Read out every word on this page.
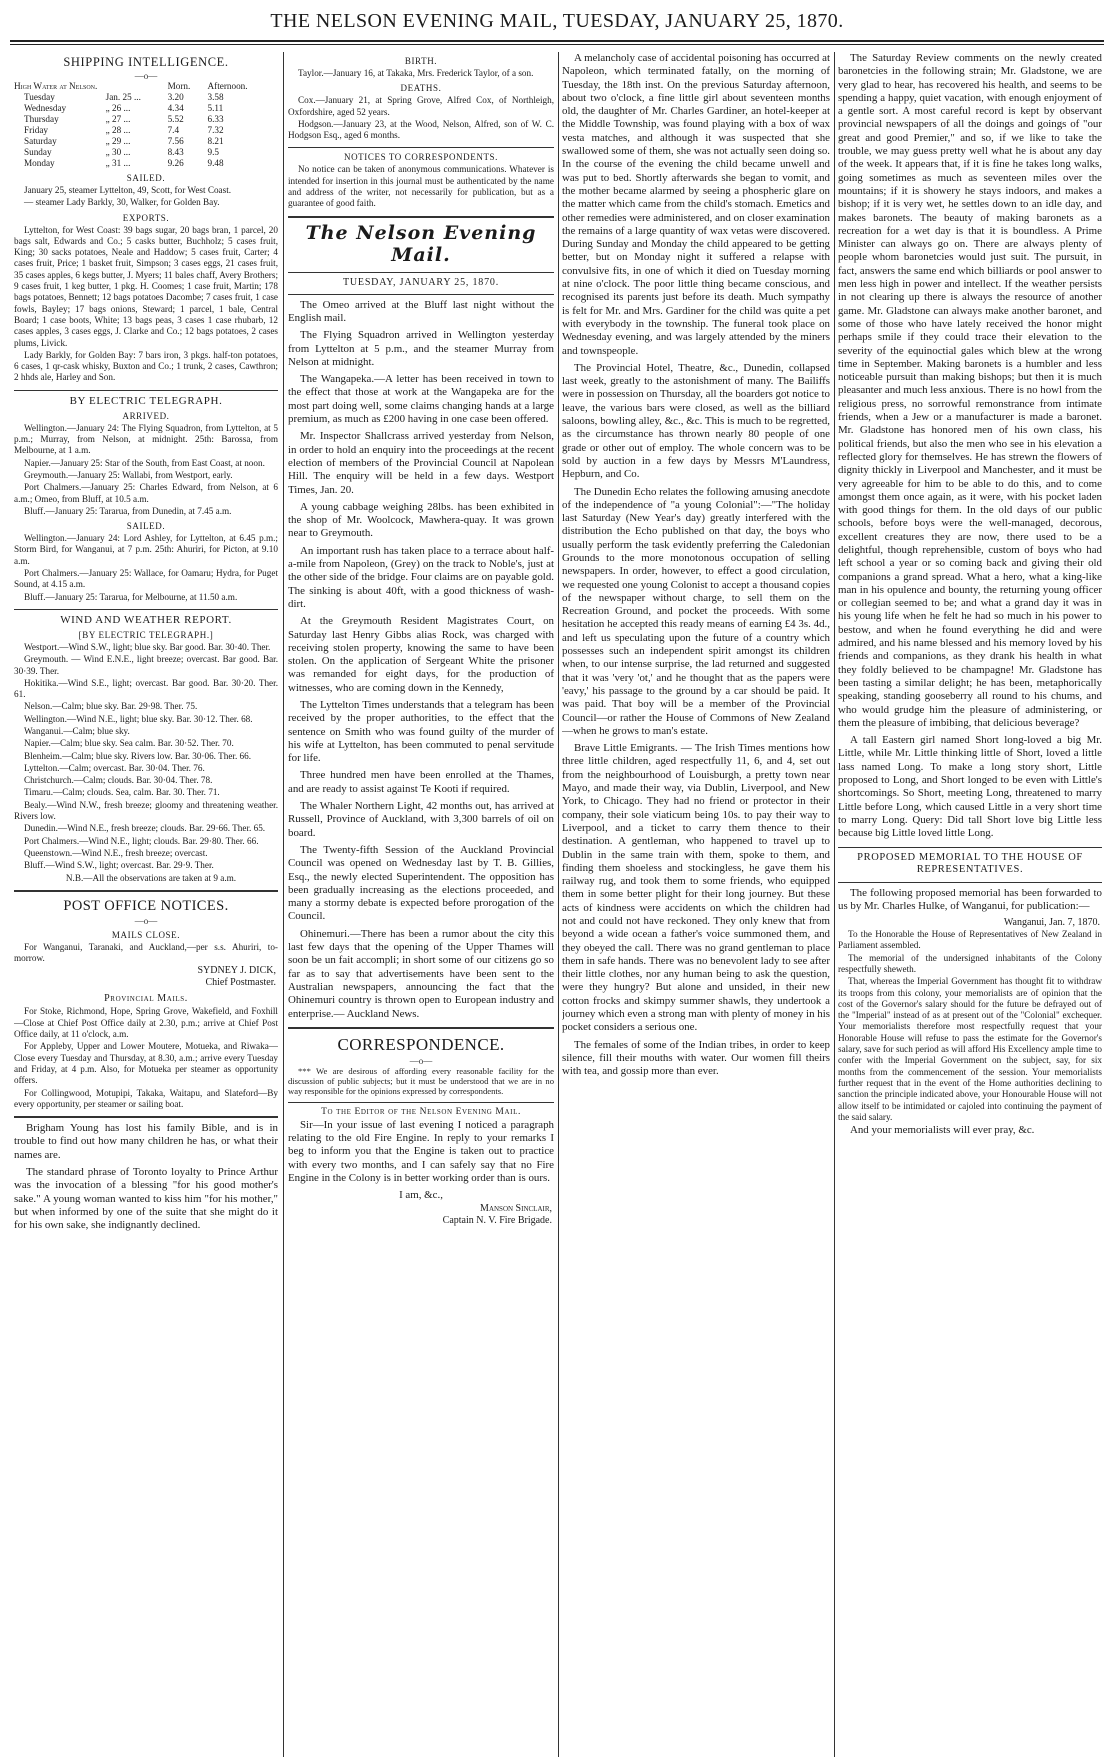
THE NELSON EVENING MAIL, TUESDAY, JANUARY 25, 1870.
SHIPPING INTELLIGENCE.
—o—
High Water at Nelson.		Morn.	Afternoon.
Tuesday	Jan. 25 ...	3.20	3.58
Wednesday	„ 26 ...	4.34	5.11
Thursday	„ 27 ...	5.52	6.33
Friday	„ 28 ...	7.4	7.32
Saturday	„ 29 ...	7.56	8.21
Sunday	„ 30 ...	8.43	9.5
Monday	„ 31 ...	9.26	9.48
SAILED.

January 25, steamer Lyttelton, 49, Scott, for West Coast.

— steamer Lady Barkly, 30, Walker, for Golden Bay.

EXPORTS.

Lyttelton, for West Coast: 39 bags sugar, 20 bags bran, 1 parcel, 20 bags salt, Edwards and Co.; 5 casks butter, Buchholz; 5 cases fruit, King; 30 sacks potatoes, Neale and Haddow; 5 cases fruit, Carter; 4 cases fruit, Price; 1 basket fruit, Simpson; 3 cases eggs, 21 cases fruit, 35 cases apples, 6 kegs butter, J. Myers; 11 bales chaff, Avery Brothers; 9 cases fruit, 1 keg butter, 1 pkg. H. Coomes; 1 case fruit, Martin; 178 bags potatoes, Bennett; 12 bags potatoes Dacombe; 7 cases fruit, 1 case fowls, Bayley; 17 bags onions, Steward; 1 parcel, 1 bale, Central Board; 1 case boots, White; 13 bags peas, 3 cases 1 case rhubarb, 12 cases apples, 3 cases eggs, J. Clarke and Co.; 12 bags potatoes, 2 cases plums, Livick.

Lady Barkly, for Golden Bay: 7 bars iron, 3 pkgs. half-ton potatoes, 6 cases, 1 qr-cask whisky, Buxton and Co.; 1 trunk, 2 cases, Cawthron; 2 hhds ale, Harley and Son.

BY ELECTRIC TELEGRAPH.
ARRIVED.

Wellington.—January 24: The Flying Squadron, from Lyttelton, at 5 p.m.; Murray, from Nelson, at midnight. 25th: Barossa, from Melbourne, at 1 a.m.

Napier.—January 25: Star of the South, from East Coast, at noon.

Greymouth.—January 25: Wallabi, from Westport, early.

Port Chalmers.—January 25: Charles Edward, from Nelson, at 6 a.m.; Omeo, from Bluff, at 10.5 a.m.

Bluff.—January 25: Tararua, from Dunedin, at 7.45 a.m.

SAILED.

Wellington.—January 24: Lord Ashley, for Lyttelton, at 6.45 p.m.; Storm Bird, for Wanganui, at 7 p.m. 25th: Ahuriri, for Picton, at 9.10 a.m.

Port Chalmers.—January 25: Wallace, for Oamaru; Hydra, for Puget Sound, at 4.15 a.m.

Bluff.—January 25: Tararua, for Melbourne, at 11.50 a.m.

WIND AND WEATHER REPORT.
[BY ELECTRIC TELEGRAPH.]

Westport.—Wind S.W., light; blue sky. Bar good. Bar. 30·40. Ther.

Greymouth. — Wind E.N.E., light breeze; overcast. Bar good. Bar. 30·39. Ther.

Hokitika.—Wind S.E., light; overcast. Bar good. Bar. 30·20. Ther. 61.

Nelson.—Calm; blue sky. Bar. 29·98. Ther. 75.

Wellington.—Wind N.E., light; blue sky. Bar. 30·12. Ther. 68.

Wanganui.—Calm; blue sky.

Napier.—Calm; blue sky. Sea calm. Bar. 30·52. Ther. 70.

Blenheim.—Calm; blue sky. Rivers low. Bar. 30·06. Ther. 66.

Lyttelton.—Calm; overcast. Bar. 30·04. Ther. 76.

Christchurch.—Calm; clouds. Bar. 30·04. Ther. 78.

Timaru.—Calm; clouds. Sea, calm. Bar. 30. Ther. 71.

Bealy.—Wind N.W., fresh breeze; gloomy and threatening weather. Rivers low.

Dunedin.—Wind N.E., fresh breeze; clouds. Bar. 29·66. Ther. 65.

Port Chalmers.—Wind N.E., light; clouds. Bar. 29·80. Ther. 66.

Queenstown.—Wind N.E., fresh breeze; overcast.

Bluff.—Wind S.W., light; overcast. Bar. 29·9. Ther.

N.B.—All the observations are taken at 9 a.m.

POST OFFICE NOTICES.
—o—
MAILS CLOSE.

For Wanganui, Taranaki, and Auckland,—per s.s. Ahuriri, to-morrow.

SYDNEY J. DICK,
Chief Postmaster.
Provincial Mails.

For Stoke, Richmond, Hope, Spring Grove, Wakefield, and Foxhill—Close at Chief Post Office daily at 2.30, p.m.; arrive at Chief Post Office daily, at 11 o'clock, a.m.

For Appleby, Upper and Lower Moutere, Motueka, and Riwaka—Close every Tuesday and Thursday, at 8.30, a.m.; arrive every Tuesday and Friday, at 4 p.m. Also, for Motueka per steamer as opportunity offers.

For Collingwood, Motupipi, Takaka, Waitapu, and Slateford—By every opportunity, per steamer or sailing boat.

Brigham Young has lost his family Bible, and is in trouble to find out how many children he has, or what their names are.

The standard phrase of Toronto loyalty to Prince Arthur was the invocation of a blessing "for his good mother's sake." A young woman wanted to kiss him "for his mother," but when informed by one of the suite that she might do it for his own sake, she indignantly declined.

BIRTH.

Taylor.—January 16, at Takaka, Mrs. Frederick Taylor, of a son.

DEATHS.

Cox.—January 21, at Spring Grove, Alfred Cox, of Northleigh, Oxfordshire, aged 52 years.

Hodgson.—January 23, at the Wood, Nelson, Alfred, son of W. C. Hodgson Esq., aged 6 months.

NOTICES TO CORRESPONDENTS.

No notice can be taken of anonymous communications. Whatever is intended for insertion in this journal must be authenticated by the name and address of the writer, not necessarily for publication, but as a guarantee of good faith.

The Nelson Evening Mail.
TUESDAY, JANUARY 25, 1870.

The Omeo arrived at the Bluff last night without the English mail.

The Flying Squadron arrived in Wellington yesterday from Lyttelton at 5 p.m., and the steamer Murray from Nelson at midnight.

The Wangapeka.—A letter has been received in town to the effect that those at work at the Wangapeka are for the most part doing well, some claims changing hands at a large premium, as much as £200 having in one case been offered.

Mr. Inspector Shallcrass arrived yesterday from Nelson, in order to hold an enquiry into the proceedings at the recent election of members of the Provincial Council at Napolean Hill. The enquiry will be held in a few days. Westport Times, Jan. 20.

A young cabbage weighing 28lbs. has been exhibited in the shop of Mr. Woolcock, Mawhera-quay. It was grown near to Greymouth.

An important rush has taken place to a terrace about half-a-mile from Napoleon, (Grey) on the track to Noble's, just at the other side of the bridge. Four claims are on payable gold. The sinking is about 40ft, with a good thickness of wash-dirt.

At the Greymouth Resident Magistrates Court, on Saturday last Henry Gibbs alias Rock, was charged with receiving stolen property, knowing the same to have been stolen. On the application of Sergeant White the prisoner was remanded for eight days, for the production of witnesses, who are coming down in the Kennedy,

The Lyttelton Times understands that a telegram has been received by the proper authorities, to the effect that the sentence on Smith who was found guilty of the murder of his wife at Lyttelton, has been commuted to penal servitude for life.

Three hundred men have been enrolled at the Thames, and are ready to assist against Te Kooti if required.

The Whaler Northern Light, 42 months out, has arrived at Russell, Province of Auckland, with 3,300 barrels of oil on board.

The Twenty-fifth Session of the Auckland Provincial Council was opened on Wednesday last by T. B. Gillies, Esq., the newly elected Superintendent. The opposition has been gradually increasing as the elections proceeded, and many a stormy debate is expected before prorogation of the Council.

Ohinemuri.—There has been a rumor about the city this last few days that the opening of the Upper Thames will soon be un fait accompli; in short some of our citizens go so far as to say that advertisements have been sent to the Australian newspapers, announcing the fact that the Ohinemuri country is thrown open to European industry and enterprise.— Auckland News.

CORRESPONDENCE.
—o—

*** We are desirous of affording every reasonable facility for the discussion of public subjects; but it must be understood that we are in no way responsible for the opinions expressed by correspondents.

To the Editor of the Nelson Evening Mail.

Sir—In your issue of last evening I noticed a paragraph relating to the old Fire Engine. In reply to your remarks I beg to inform you that the Engine is taken out to practice with every two months, and I can safely say that no Fire Engine in the Colony is in better working order than is ours.

I am, &c.,
Manson Sinclair,
Captain N. V. Fire Brigade.

A melancholy case of accidental poisoning has occurred at Napoleon, which terminated fatally, on the morning of Tuesday, the 18th inst. On the previous Saturday afternoon, about two o'clock, a fine little girl about seventeen months old, the daughter of Mr. Charles Gardiner, an hotel-keeper at the Middle Township, was found playing with a box of wax vesta matches, and although it was suspected that she swallowed some of them, she was not actually seen doing so. In the course of the evening the child became unwell and was put to bed. Shortly afterwards she began to vomit, and the mother became alarmed by seeing a phospheric glare on the matter which came from the child's stomach. Emetics and other remedies were administered, and on closer examination the remains of a large quantity of wax vetas were discovered. During Sunday and Monday the child appeared to be getting better, but on Monday night it suffered a relapse with convulsive fits, in one of which it died on Tuesday morning at nine o'clock. The poor little thing became conscious, and recognised its parents just before its death. Much sympathy is felt for Mr. and Mrs. Gardiner for the child was quite a pet with everybody in the township. The funeral took place on Wednesday evening, and was largely attended by the miners and townspeople.

The Provincial Hotel, Theatre, &c., Dunedin, collapsed last week, greatly to the astonishment of many. The Bailiffs were in possession on Thursday, all the boarders got notice to leave, the various bars were closed, as well as the billiard saloons, bowling alley, &c., &c. This is much to be regretted, as the circumstance has thrown nearly 80 people of one grade or other out of employ. The whole concern was to be sold by auction in a few days by Messrs M'Laundress, Hepburn, and Co.

The Dunedin Echo relates the following amusing anecdote of the independence of "a young Colonial":—"The holiday last Saturday (New Year's day) greatly interfered with the distribution the Echo published on that day, the boys who usually perform the task evidently preferring the Caledonian Grounds to the more monotonous occupation of selling newspapers. In order, however, to effect a good circulation, we requested one young Colonist to accept a thousand copies of the newspaper without charge, to sell them on the Recreation Ground, and pocket the proceeds. With some hesitation he accepted this ready means of earning £4 3s. 4d., and left us speculating upon the future of a country which possesses such an independent spirit amongst its children when, to our intense surprise, the lad returned and suggested that it was 'very 'ot,' and he thought that as the papers were 'eavy,' his passage to the ground by a car should be paid. It was paid. That boy will be a member of the Provincial Council—or rather the House of Commons of New Zealand—when he grows to man's estate.

Brave Little Emigrants. — The Irish Times mentions how three little children, aged respectfully 11, 6, and 4, set out from the neighbourhood of Louisburgh, a pretty town near Mayo, and made their way, via Dublin, Liverpool, and New York, to Chicago. They had no friend or protector in their company, their sole viaticum being 10s. to pay their way to Liverpool, and a ticket to carry them thence to their destination. A gentleman, who happened to travel up to Dublin in the same train with them, spoke to them, and finding them shoeless and stockingless, he gave them his railway rug, and took them to some friends, who equipped them in some better plight for their long journey. But these acts of kindness were accidents on which the children had not and could not have reckoned. They only knew that from beyond a wide ocean a father's voice summoned them, and they obeyed the call. There was no grand gentleman to place them in safe hands. There was no benevolent lady to see after their little clothes, nor any human being to ask the question, were they hungry? But alone and unsided, in their new cotton frocks and skimpy summer shawls, they undertook a journey which even a strong man with plenty of money in his pocket considers a serious one.

The females of some of the Indian tribes, in order to keep silence, fill their mouths with water. Our women fill theirs with tea, and gossip more than ever.

The Saturday Review comments on the newly created baronetcies in the following strain; Mr. Gladstone, we are very glad to hear, has recovered his health, and seems to be spending a happy, quiet vacation, with enough enjoyment of a gentle sort. A most careful record is kept by observant provincial newspapers of all the doings and goings of "our great and good Premier," and so, if we like to take the trouble, we may guess pretty well what he is about any day of the week. It appears that, if it is fine he takes long walks, going sometimes as much as seventeen miles over the mountains; if it is showery he stays indoors, and makes a bishop; if it is very wet, he settles down to an idle day, and makes baronets. The beauty of making baronets as a recreation for a wet day is that it is boundless. A Prime Minister can always go on. There are always plenty of people whom baronetcies would just suit. The pursuit, in fact, answers the same end which billiards or pool answer to men less high in power and intellect. If the weather persists in not clearing up there is always the resource of another game. Mr. Gladstone can always make another baronet, and some of those who have lately received the honor might perhaps smile if they could trace their elevation to the severity of the equinoctial gales which blew at the wrong time in September. Making baronets is a humbler and less noticeable pursuit than making bishops; but then it is much pleasanter and much less anxious. There is no howl from the religious press, no sorrowful remonstrance from intimate friends, when a Jew or a manufacturer is made a baronet. Mr. Gladstone has honored men of his own class, his political friends, but also the men who see in his elevation a reflected glory for themselves. He has strewn the flowers of dignity thickly in Liverpool and Manchester, and it must be very agreeable for him to be able to do this, and to come amongst them once again, as it were, with his pocket laden with good things for them. In the old days of our public schools, before boys were the well-managed, decorous, excellent creatures they are now, there used to be a delightful, though reprehensible, custom of boys who had left school a year or so coming back and giving their old companions a grand spread. What a hero, what a king-like man in his opulence and bounty, the returning young officer or collegian seemed to be; and what a grand day it was in his young life when he felt he had so much in his power to bestow, and when he found everything he did and were admired, and his name blessed and his memory loved by his friends and companions, as they drank his health in what they foldly believed to be champagne! Mr. Gladstone has been tasting a similar delight; he has been, metaphorically speaking, standing gooseberry all round to his chums, and who would grudge him the pleasure of administering, or them the pleasure of imbibing, that delicious beverage?

A tall Eastern girl named Short long-loved a big Mr. Little, while Mr. Little thinking little of Short, loved a little lass named Long. To make a long story short, Little proposed to Long, and Short longed to be even with Little's shortcomings. So Short, meeting Long, threatened to marry Little before Long, which caused Little in a very short time to marry Long. Query: Did tall Short love big Little less because big Little loved little Long.

PROPOSED MEMORIAL TO THE HOUSE OF REPRESENTATIVES.

The following proposed memorial has been forwarded to us by Mr. Charles Hulke, of Wanganui, for publication:—

Wanganui, Jan. 7, 1870.

To the Honorable the House of Representatives of New Zealand in Parliament assembled.

The memorial of the undersigned inhabitants of the Colony respectfully sheweth.

That, whereas the Imperial Government has thought fit to withdraw its troops from this colony, your memorialists are of opinion that the cost of the Governor's salary should for the future be defrayed out of the "Imperial" instead of as at present out of the "Colonial" exchequer. Your memorialists therefore most respectfully request that your Honorable House will refuse to pass the estimate for the Governor's salary, save for such period as will afford His Excellency ample time to confer with the Imperial Government on the subject, say, for six months from the commencement of the session. Your memorialists further request that in the event of the Home authorities declining to sanction the principle indicated above, your Honourable House will not allow itself to be intimidated or cajoled into continuing the payment of the said salary.

And your memorialists will ever pray, &c.
